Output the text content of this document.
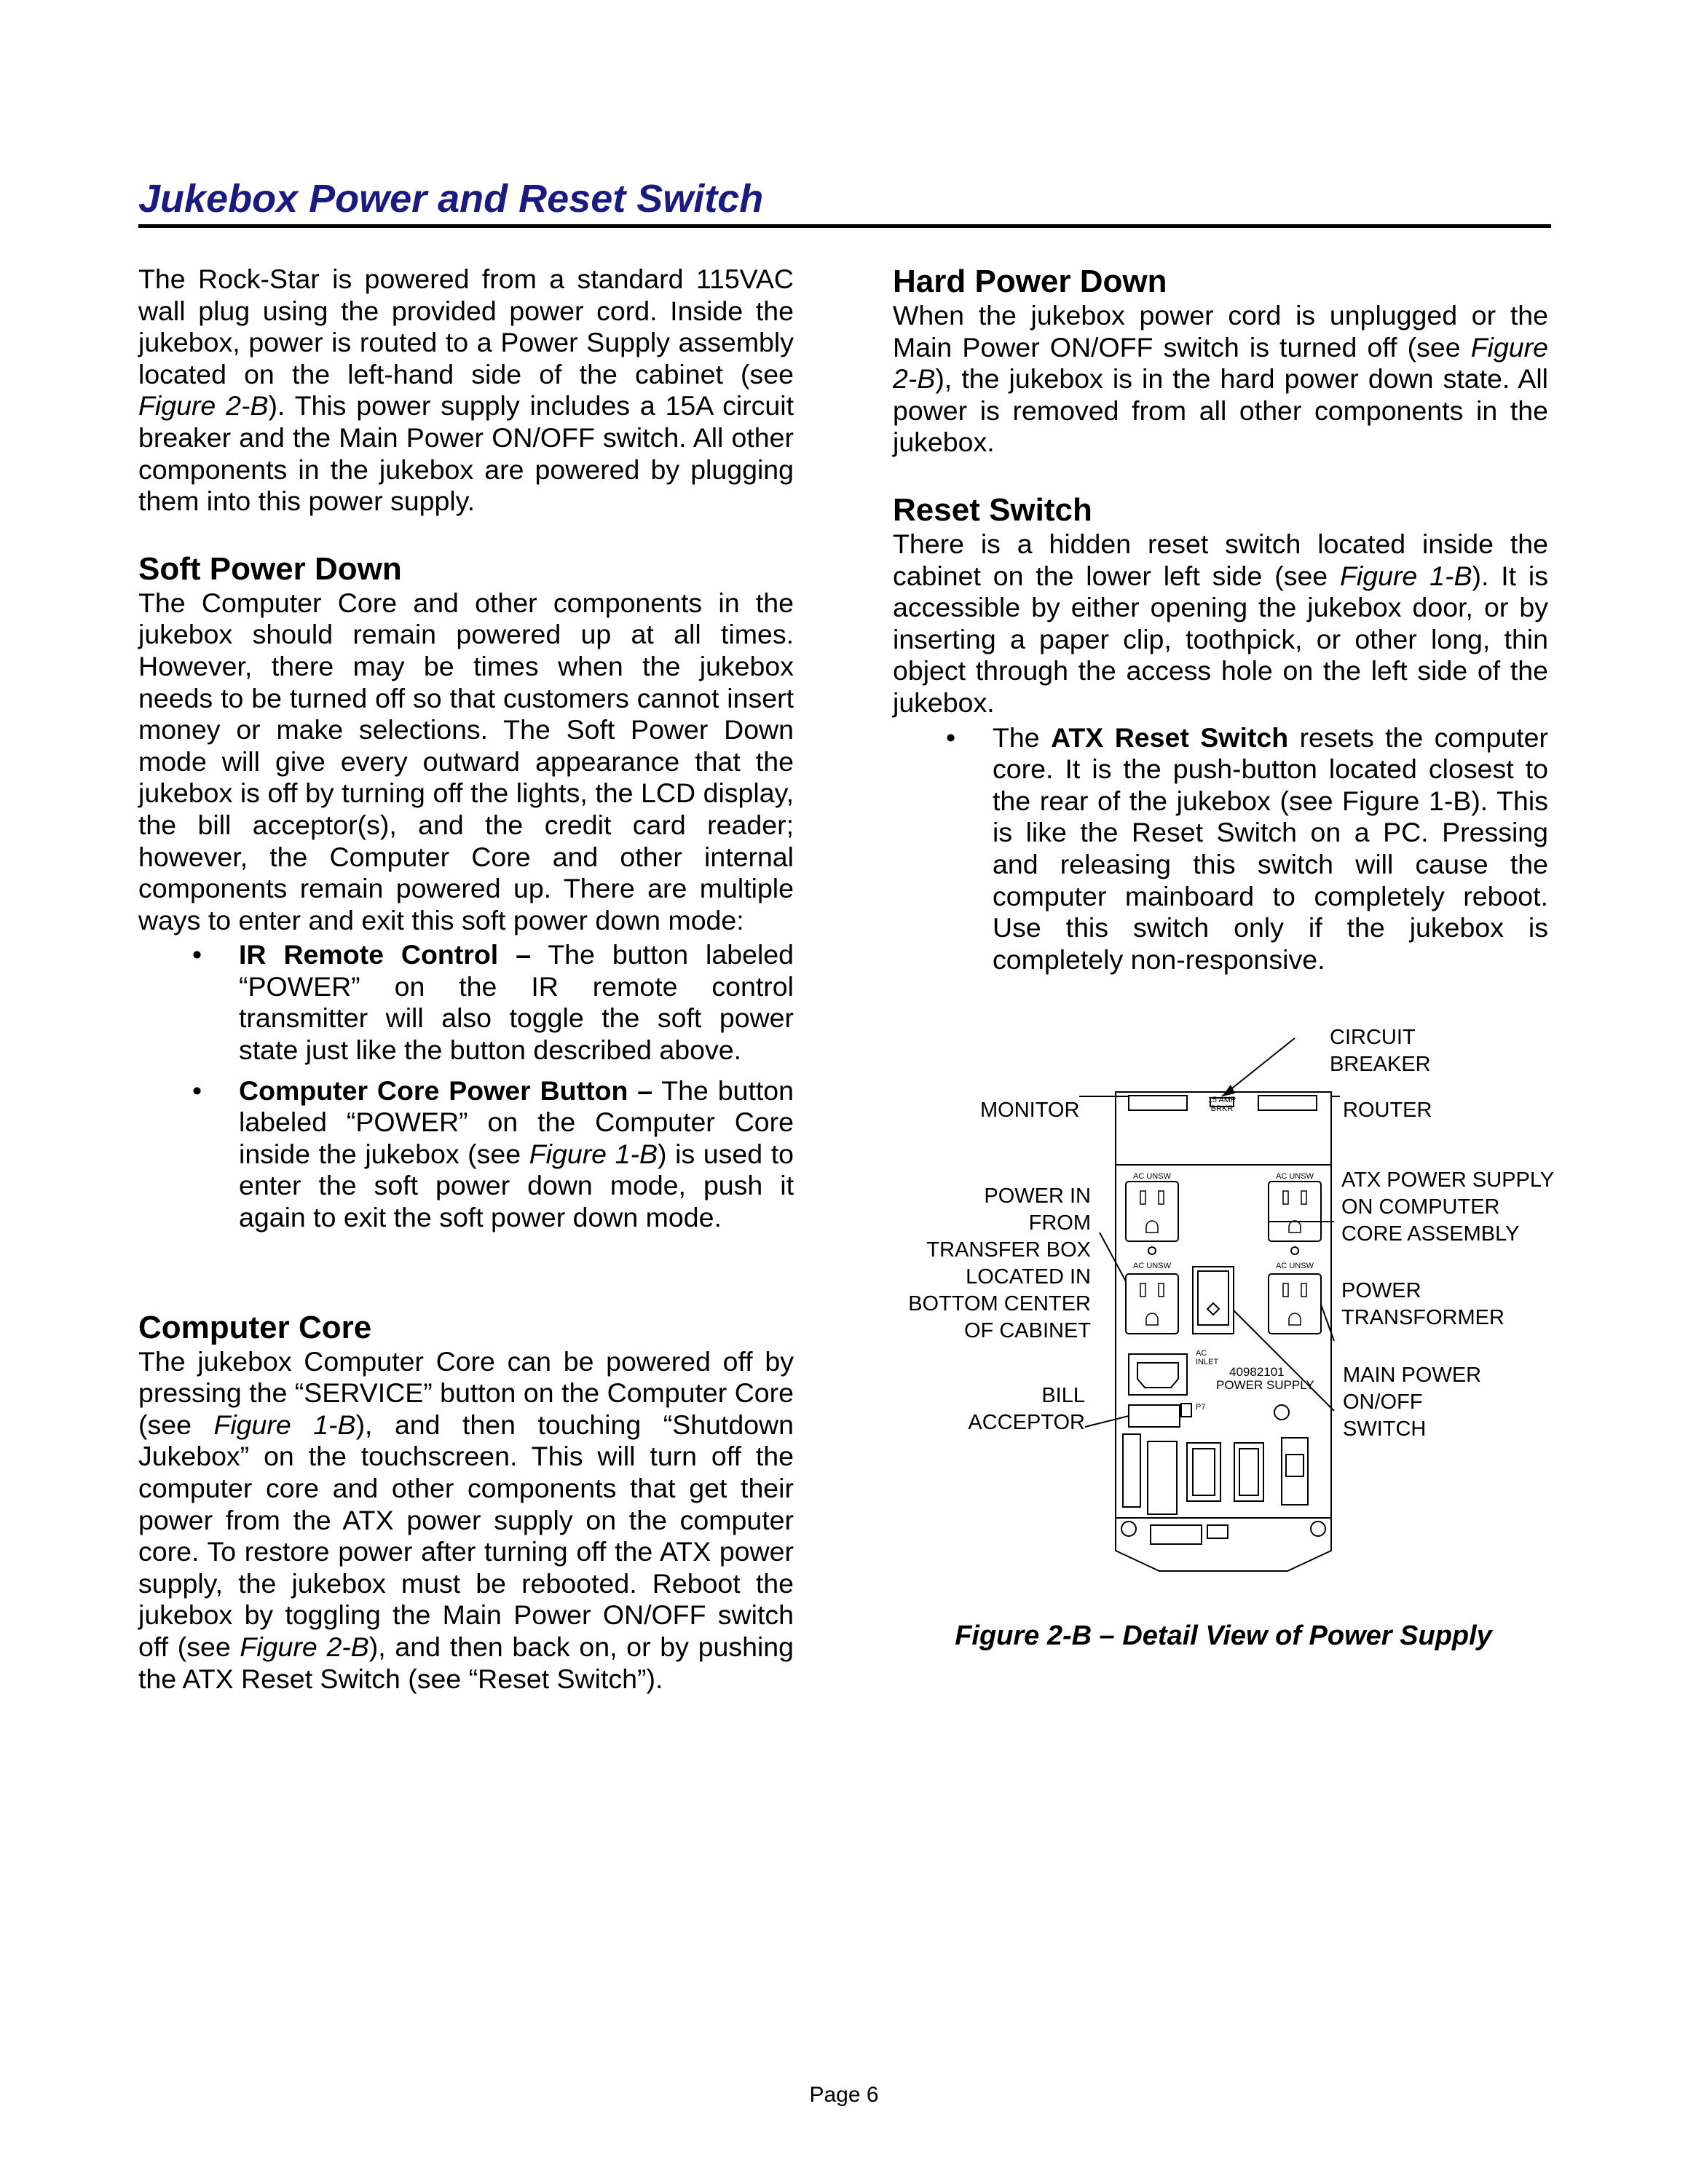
Jukebox Power and Reset Switch

The Rock-Star is powered from a standard 115VAC wall plug using the provided power cord. Inside the jukebox, power is routed to a Power Supply assembly located on the left-hand side of the cabinet (see Figure 2-B). This power supply includes a 15A circuit breaker and the Main Power ON/OFF switch. All other components in the jukebox are powered by plugging them into this power supply.

Soft Power Down

The Computer Core and other components in the jukebox should remain powered up at all times. However, there may be times when the jukebox needs to be turned off so that customers cannot insert money or make selections. The Soft Power Down mode will give every outward appearance that the jukebox is off by turning off the lights, the LCD display, the bill acceptor(s), and the credit card reader; however, the Computer Core and other internal components remain powered up. There are multiple ways to enter and exit this soft power down mode:

• IR Remote Control – The button labeled “POWER” on the IR remote control transmitter will also toggle the soft power state just like the button described above.
• Computer Core Power Button – The button labeled “POWER” on the Computer Core inside the jukebox (see Figure 1-B) is used to enter the soft power down mode, push it again to exit the soft power down mode.
Computer Core

The jukebox Computer Core can be powered off by pressing the “SERVICE” button on the Computer Core (see Figure 1-B), and then touching “Shutdown Jukebox” on the touchscreen. This will turn off the computer core and other components that get their power from the ATX power supply on the computer core. To restore power after turning off the ATX power supply, the jukebox must be rebooted. Reboot the jukebox by toggling the Main Power ON/OFF switch off (see Figure 2-B), and then back on, or by pushing the ATX Reset Switch (see “Reset Switch”).

Hard Power Down

When the jukebox power cord is unplugged or the Main Power ON/OFF switch is turned off (see Figure 2-B), the jukebox is in the hard power down state. All power is removed from all other components in the jukebox.

Reset Switch

There is a hidden reset switch located inside the cabinet on the lower left side (see Figure 1-B). It is accessible by either opening the jukebox door, or by inserting a paper clip, toothpick, or other long, thin object through the access hole on the left side of the jukebox.

• The ATX Reset Switch resets the computer core. It is the push-button located closest to the rear of the jukebox (see Figure 1-B). This is like the Reset Switch on a PC. Pressing and releasing this switch will cause the computer mainboard to completely reboot. Use this switch only if the jukebox is completely non-responsive.
15 AMP
BRKR
AC UNSW	AC UNSW
AC UNSW	AC UNSW
AC
INLET
40982101
POWER SUPPLY
P7
MONITOR
POWER IN
FROM
TRANSFER BOX
LOCATED IN
BOTTOM CENTER
OF CABINET
BILL
ACCEPTOR
CIRCUIT
BREAKER
ROUTER
ATX POWER SUPPLY
ON COMPUTER
CORE ASSEMBLY
POWER
TRANSFORMER
MAIN POWER
ON/OFF
SWITCH
Figure 2-B – Detail View of Power Supply
Page 6
